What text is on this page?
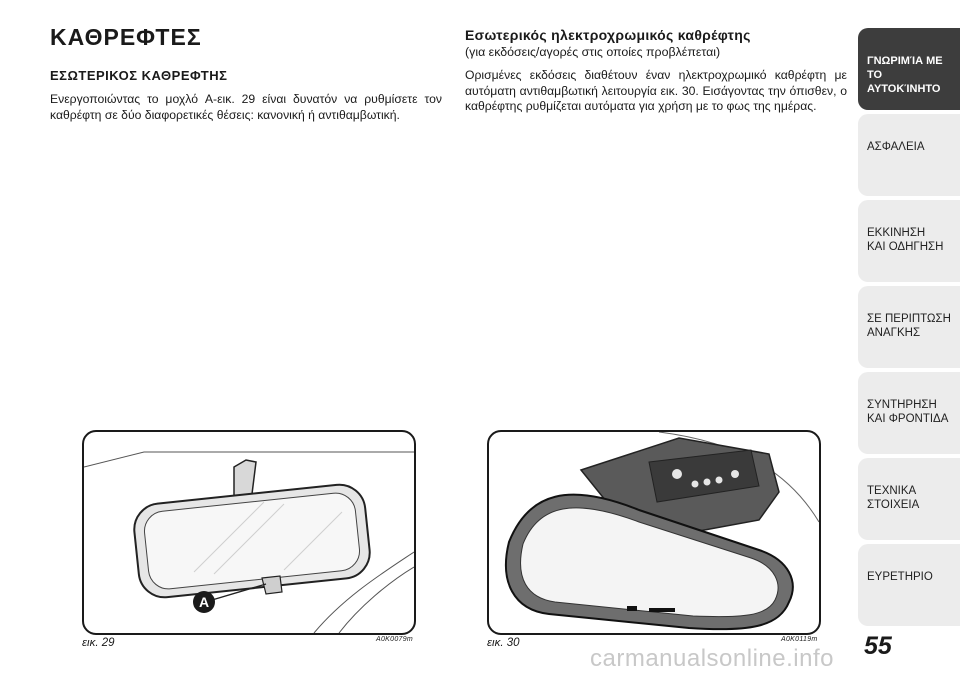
ΚΑΘΡΕΦΤΕΣ
ΕΣΩΤΕΡΙΚΟΣ ΚΑΘΡΕΦΤΗΣ
Ενεργοποιώντας το μοχλό A-εικ. 29 είναι δυνατόν να ρυθμίσετε τον καθρέφτη σε δύο διαφορετικές θέσεις: κανονική ή αντιθαμβωτική.
Εσωτερικός ηλεκτροχρωμικός καθρέφτης
(για εκδόσεις/αγορές στις οποίες προβλέπεται)
Ορισμένες εκδόσεις διαθέτουν έναν ηλεκτροχρωμικό καθρέφτη με αυτόματη αντιθαμβωτική λειτουργία εικ. 30. Εισάγοντας την όπισθεν, ο καθρέφτης ρυθμίζεται αυτόματα για χρήση με το φως της ημέρας.
A
εικ. 29	A0K0079m	εικ. 30	A0K0119m
ΓΝΩΡΙΜΊΑ ΜΕ ΤΟ
ΑΥΤΟΚΊΝΗΤΟ
ΑΣΦΑΛΕΙΑ
ΕΚΚΙΝΗΣΗ
ΚΑΙ ΟΔΗΓΗΣΗ
ΣΕ ΠΕΡΙΠΤΩΣΗ
ΑΝΑΓΚΗΣ
ΣΥΝΤΗΡΗΣΗ
ΚΑΙ ΦΡΟΝΤΙΔΑ
ΤΕΧΝΙΚΑ
ΣΤΟΙΧΕΙΑ
ΕΥΡΕΤΗΡΙΟ
55
carmanualsonline.info
